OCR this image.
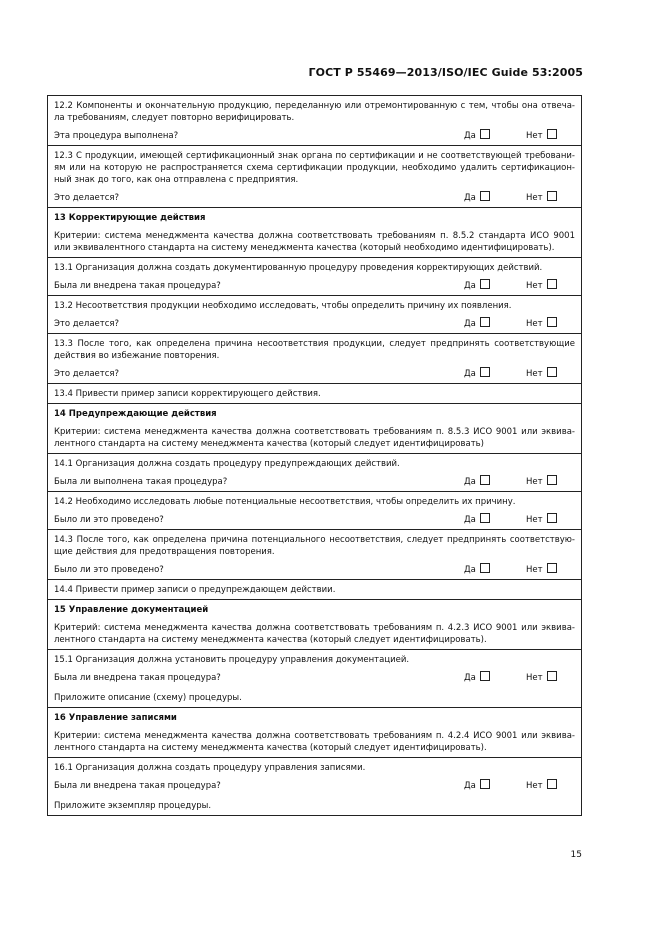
ГОСТ Р 55469—2013/ISO/IEC Guide 53:2005
12.2 Компоненты и окончательную продукцию, переделанную или отремонтированную с тем, чтобы она отвеча-ла требованиям, следует повторно верифицировать.
Эта процедура выполнена?	Да	Нет
12.3 С продукции, имеющей сертификационный знак органа по сертификации и не соответствующей требовани-ям или на которую не распространяется схема сертификации продукции, необходимо удалить сертификацион-ный знак до того, как она отправлена с предприятия.
Это делается?	Да	Нет
13 Корректирующие действия
Критерии: система менеджмента качества должна соответствовать требованиям п. 8.5.2 стандарта ИСО 9001 или эквивалентного стандарта на систему менеджмента качества (который необходимо идентифицировать).
13.1 Организация должна создать документированную процедуру проведения корректирующих действий.
Была ли внедрена такая процедура?	Да	Нет
13.2 Несоответствия продукции необходимо исследовать, чтобы определить причину их появления.
Это делается?	Да	Нет
13.3 После того, как определена причина несоответствия продукции, следует предпринять соответствующие действия во избежание повторения.
Это делается?	Да	Нет
13.4 Привести пример записи корректирующего действия.
14 Предупреждающие действия
Критерии: система менеджмента качества должна соответствовать требованиям п. 8.5.3 ИСО 9001 или эквива-лентного стандарта на систему менеджмента качества (который следует идентифицировать)
14.1 Организация должна создать процедуру предупреждающих действий.
Была ли выполнена такая процедура?	Да	Нет
14.2 Необходимо исследовать любые потенциальные несоответствия, чтобы определить их причину.
Было ли это проведено?	Да	Нет
14.3 После того, как определена причина потенциального несоответствия, следует предпринять соответствую-щие действия для предотвращения повторения.
Было ли это проведено?	Да	Нет
14.4 Привести пример записи о предупреждающем действии.
15 Управление документацией
Критерий: система менеджмента качества должна соответствовать требованиям п. 4.2.3 ИСО 9001 или эквива-лентного стандарта на систему менеджмента качества (который следует идентифицировать).
15.1 Организация должна установить процедуру управления документацией.
Была ли внедрена такая процедура?	Да	Нет
Приложите описание (схему) процедуры.
16 Управление записями
Критерии: система менеджмента качества должна соответствовать требованиям п. 4.2.4 ИСО 9001 или эквива-лентного стандарта на систему менеджмента качества (который следует идентифицировать).
16.1 Организация должна создать процедуру управления записями.
Была ли внедрена такая процедура?	Да	Нет
Приложите экземпляр процедуры.
15
